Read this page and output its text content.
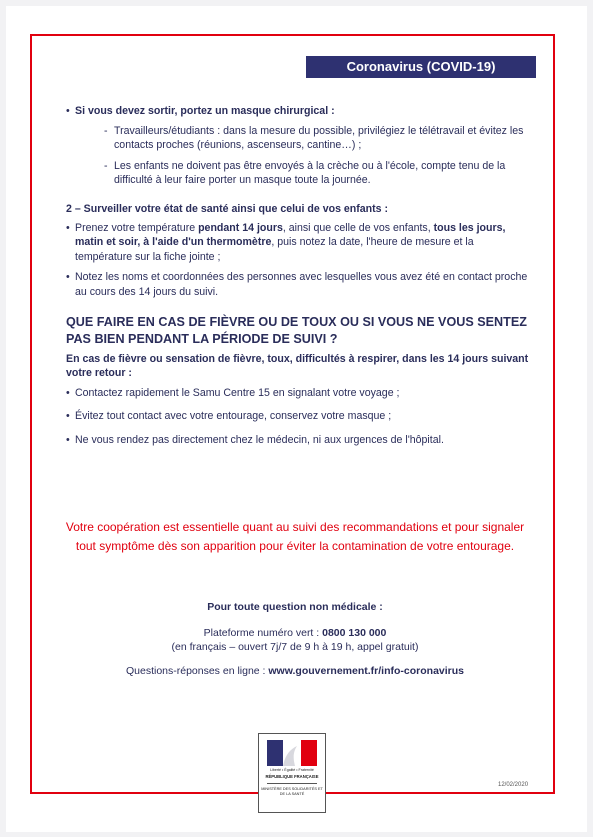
Coronavirus (COVID-19)

• Si vous devez sortir, portez un masque chirurgical :

- Travailleurs/étudiants : dans la mesure du possible, privilégiez le télétravail et évitez les contacts proches (réunions, ascenseurs, cantine…) ;

- Les enfants ne doivent pas être envoyés à la crèche ou à l'école, compte tenu de la difficulté à leur faire porter un masque toute la journée.

2 – Surveiller votre état de santé ainsi que celui de vos enfants :

• Prenez votre température pendant 14 jours, ainsi que celle de vos enfants, tous les jours, matin et soir, à l'aide d'un thermomètre, puis notez la date, l'heure de mesure et la température sur la fiche jointe ;

• Notez les noms et coordonnées des personnes avec lesquelles vous avez été en contact proche au cours des 14 jours du suivi.

QUE FAIRE EN CAS DE FIÈVRE OU DE TOUX OU SI VOUS NE VOUS SENTEZ PAS BIEN PENDANT LA PÉRIODE DE SUIVI ?

En cas de fièvre ou sensation de fièvre, toux, difficultés à respirer, dans les 14 jours suivant votre retour :

• Contactez rapidement le Samu Centre 15 en signalant votre voyage ;

• Évitez tout contact avec votre entourage, conservez votre masque ;

• Ne vous rendez pas directement chez le médecin, ni aux urgences de l'hôpital.

Votre coopération est essentielle quant au suivi des recommandations et pour signaler tout symptôme dès son apparition pour éviter la contamination de votre entourage.
Pour toute question non médicale :
Plateforme numéro vert : 0800 130 000
(en français – ouvert 7j/7 de 9 h à 19 h, appel gratuit)
Questions-réponses en ligne : www.gouvernement.fr/info-coronavirus
Liberté • Égalité • Fraternité
RÉPUBLIQUE FRANÇAISE
MINISTÈRE DES SOLIDARITÉS ET DE LA SANTÉ
12/02/2020
